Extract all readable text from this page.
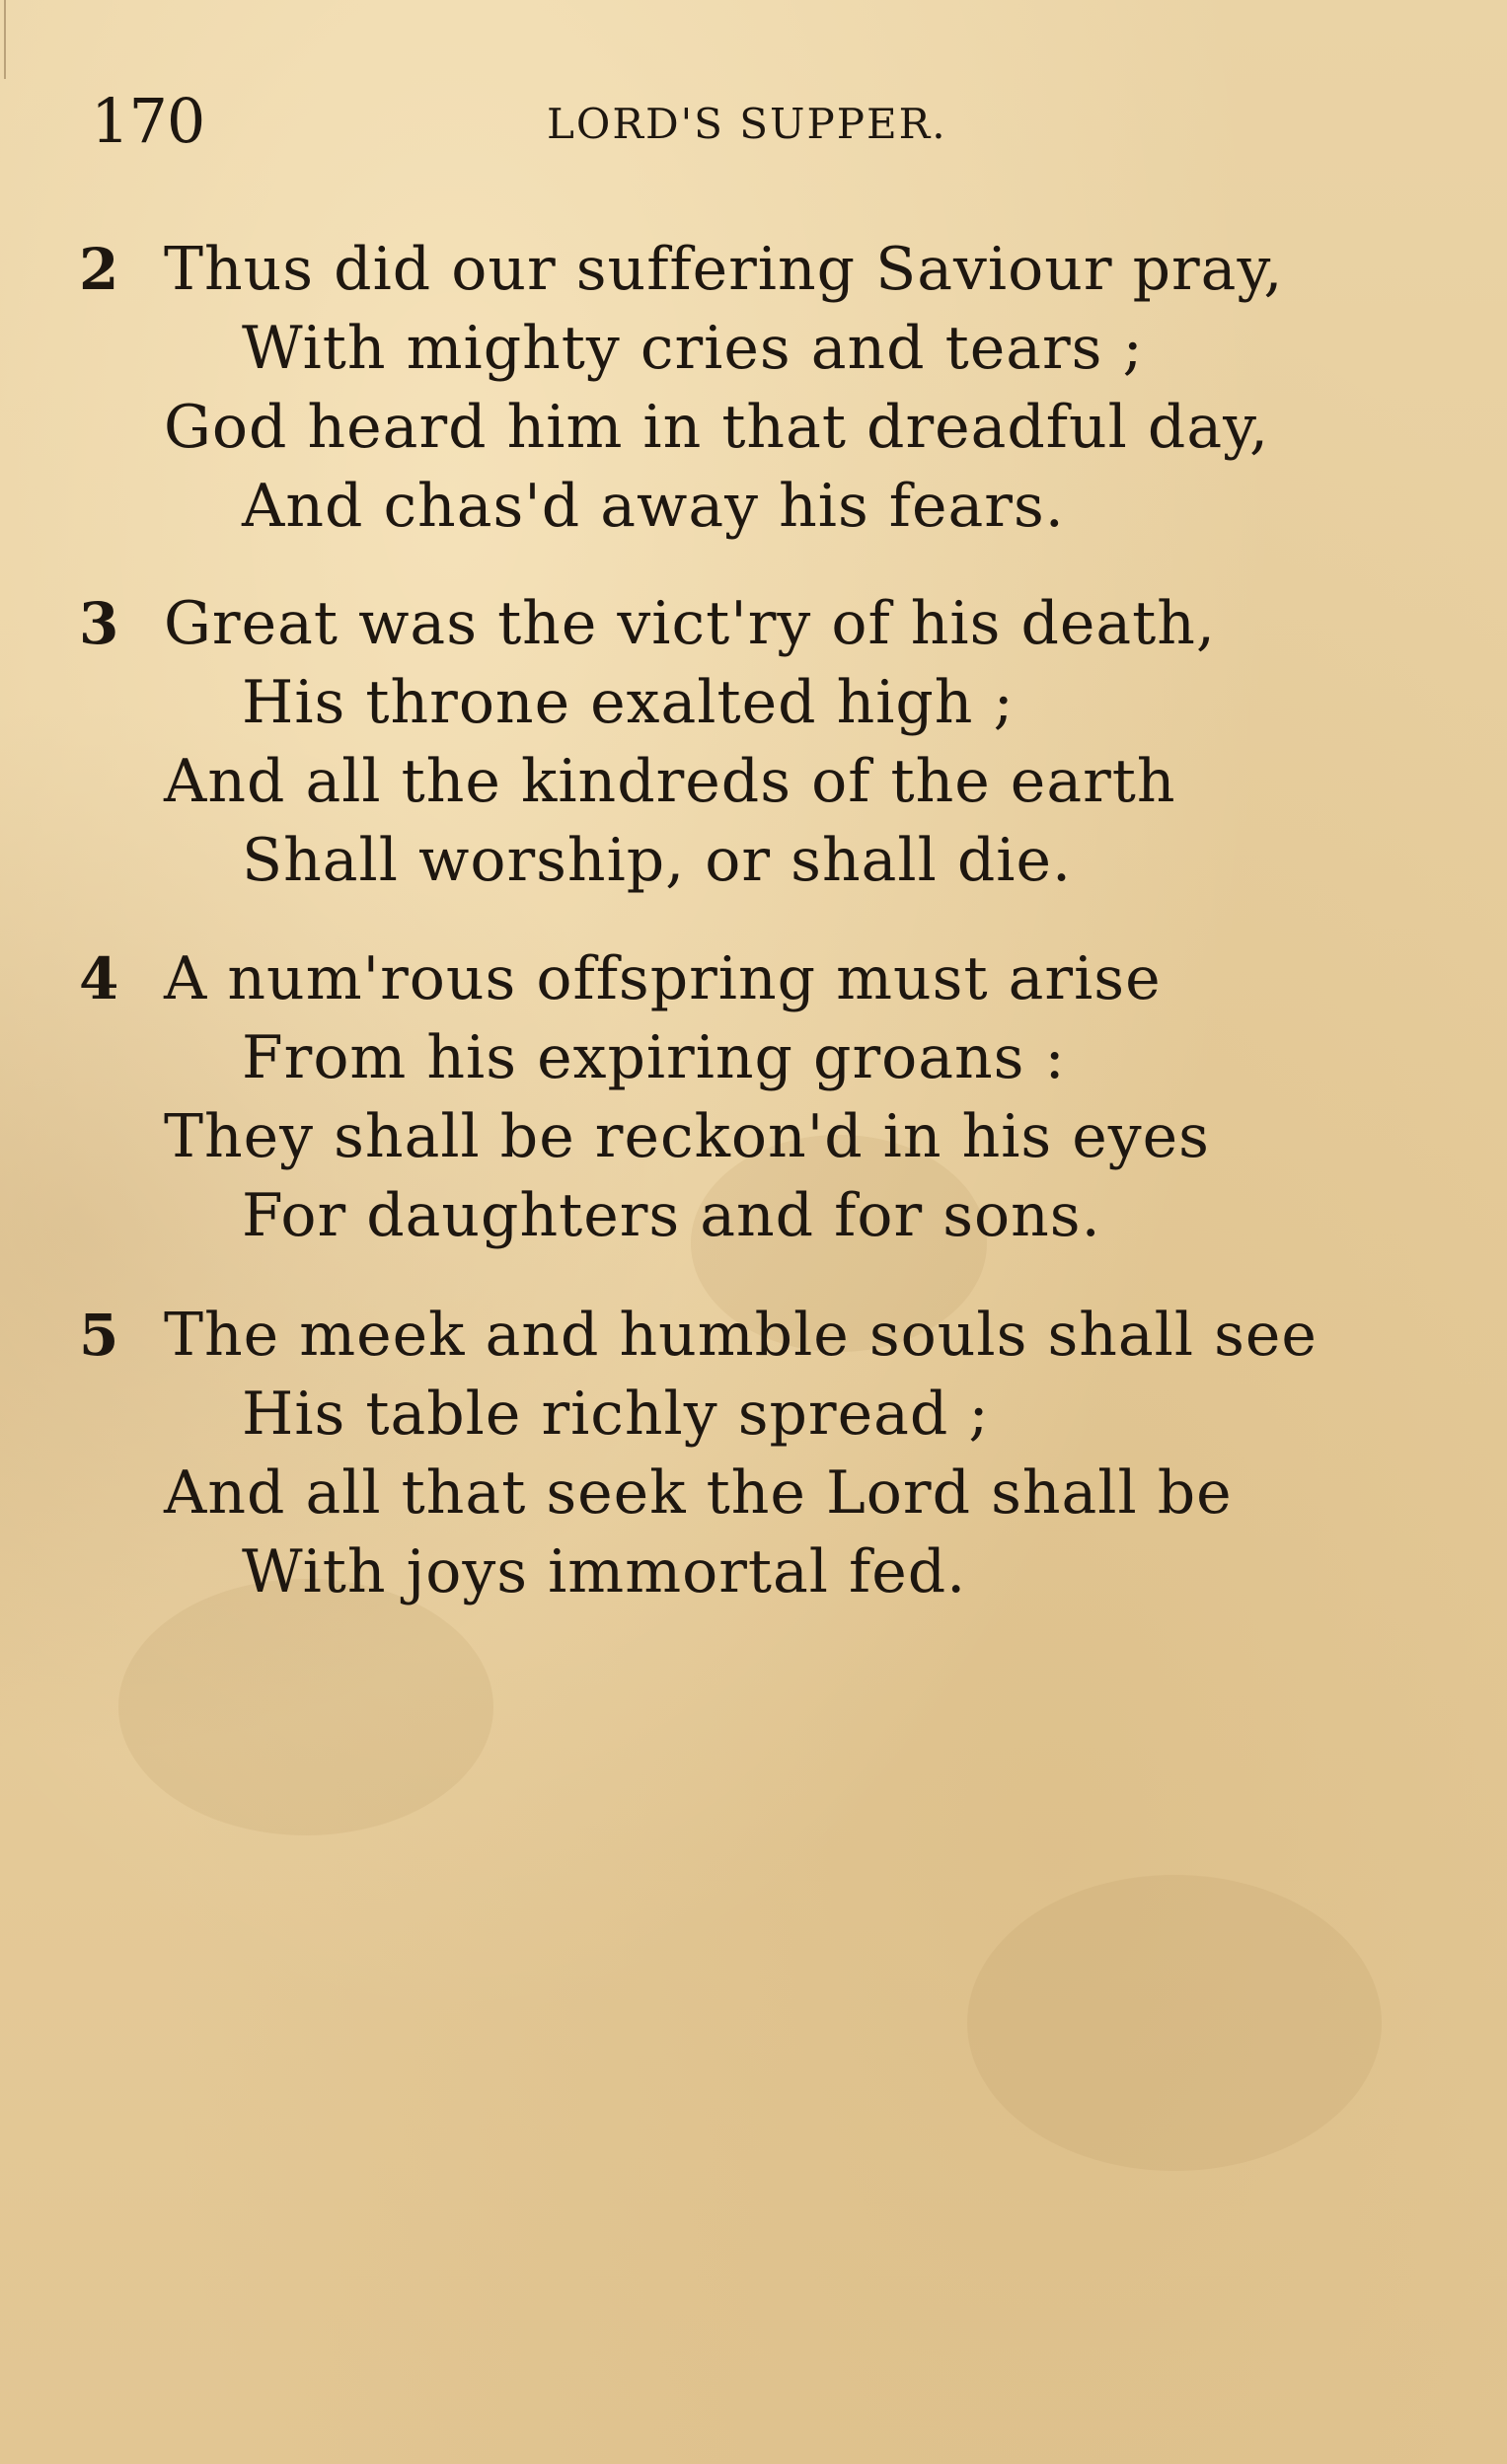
170	LORD'S SUPPER.
2 Thus did our suffering Saviour pray,
With mighty cries and tears ;
God heard him in that dreadful day,
And chas'd away his fears.
3 Great was the vict'ry of his death,
His throne exalted high ;
And all the kindreds of the earth
Shall worship, or shall die.
4 A num'rous offspring must arise
From his expiring groans :
They shall be reckon'd in his eyes
For daughters and for sons.
5 The meek and humble souls shall see
His table richly spread ;
And all that seek the Lord shall be
With joys immortal fed.
